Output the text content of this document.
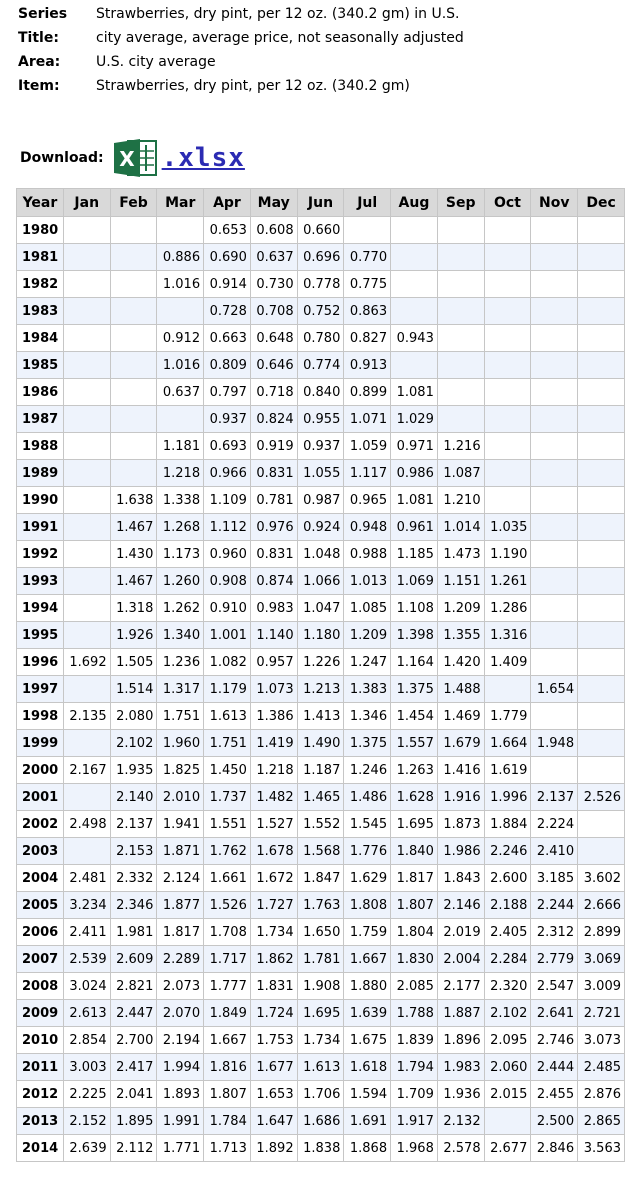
Series	Strawberries, dry pint, per 12 oz. (340.2 gm) in U.S.
Title:	city average, average price, not seasonally adjusted
Area:	U.S. city average
Item:	Strawberries, dry pint, per 12 oz. (340.2 gm)
Download: X .xlsx
Year	Jan	Feb	Mar	Apr	May	Jun	Jul	Aug	Sep	Oct	Nov	Dec
1980				0.653	0.608	0.660						
1981			0.886	0.690	0.637	0.696	0.770					
1982			1.016	0.914	0.730	0.778	0.775					
1983				0.728	0.708	0.752	0.863					
1984			0.912	0.663	0.648	0.780	0.827	0.943				
1985			1.016	0.809	0.646	0.774	0.913					
1986			0.637	0.797	0.718	0.840	0.899	1.081				
1987				0.937	0.824	0.955	1.071	1.029				
1988			1.181	0.693	0.919	0.937	1.059	0.971	1.216			
1989			1.218	0.966	0.831	1.055	1.117	0.986	1.087			
1990		1.638	1.338	1.109	0.781	0.987	0.965	1.081	1.210			
1991		1.467	1.268	1.112	0.976	0.924	0.948	0.961	1.014	1.035		
1992		1.430	1.173	0.960	0.831	1.048	0.988	1.185	1.473	1.190		
1993		1.467	1.260	0.908	0.874	1.066	1.013	1.069	1.151	1.261		
1994		1.318	1.262	0.910	0.983	1.047	1.085	1.108	1.209	1.286		
1995		1.926	1.340	1.001	1.140	1.180	1.209	1.398	1.355	1.316		
1996	1.692	1.505	1.236	1.082	0.957	1.226	1.247	1.164	1.420	1.409		
1997		1.514	1.317	1.179	1.073	1.213	1.383	1.375	1.488		1.654	
1998	2.135	2.080	1.751	1.613	1.386	1.413	1.346	1.454	1.469	1.779		
1999		2.102	1.960	1.751	1.419	1.490	1.375	1.557	1.679	1.664	1.948	
2000	2.167	1.935	1.825	1.450	1.218	1.187	1.246	1.263	1.416	1.619		
2001		2.140	2.010	1.737	1.482	1.465	1.486	1.628	1.916	1.996	2.137	2.526
2002	2.498	2.137	1.941	1.551	1.527	1.552	1.545	1.695	1.873	1.884	2.224	
2003		2.153	1.871	1.762	1.678	1.568	1.776	1.840	1.986	2.246	2.410	
2004	2.481	2.332	2.124	1.661	1.672	1.847	1.629	1.817	1.843	2.600	3.185	3.602
2005	3.234	2.346	1.877	1.526	1.727	1.763	1.808	1.807	2.146	2.188	2.244	2.666
2006	2.411	1.981	1.817	1.708	1.734	1.650	1.759	1.804	2.019	2.405	2.312	2.899
2007	2.539	2.609	2.289	1.717	1.862	1.781	1.667	1.830	2.004	2.284	2.779	3.069
2008	3.024	2.821	2.073	1.777	1.831	1.908	1.880	2.085	2.177	2.320	2.547	3.009
2009	2.613	2.447	2.070	1.849	1.724	1.695	1.639	1.788	1.887	2.102	2.641	2.721
2010	2.854	2.700	2.194	1.667	1.753	1.734	1.675	1.839	1.896	2.095	2.746	3.073
2011	3.003	2.417	1.994	1.816	1.677	1.613	1.618	1.794	1.983	2.060	2.444	2.485
2012	2.225	2.041	1.893	1.807	1.653	1.706	1.594	1.709	1.936	2.015	2.455	2.876
2013	2.152	1.895	1.991	1.784	1.647	1.686	1.691	1.917	2.132		2.500	2.865
2014	2.639	2.112	1.771	1.713	1.892	1.838	1.868	1.968	2.578	2.677	2.846	3.563
